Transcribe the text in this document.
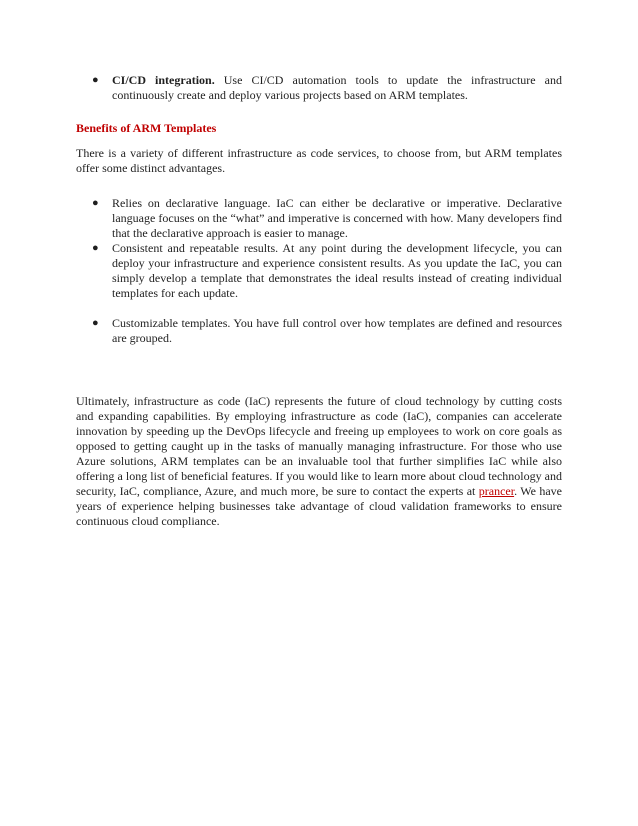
● CI/CD integration. Use CI/CD automation tools to update the infrastructure and continuously create and deploy various projects based on ARM templates.
Benefits of ARM Templates
There is a variety of different infrastructure as code services, to choose from, but ARM templates offer some distinct advantages.
● Relies on declarative language. IaC can either be declarative or imperative. Declarative language focuses on the “what” and imperative is concerned with how. Many developers find that the declarative approach is easier to manage.
● Consistent and repeatable results. At any point during the development lifecycle, you can deploy your infrastructure and experience consistent results. As you update the IaC, you can simply develop a template that demonstrates the ideal results instead of creating individual templates for each update.
● Customizable templates. You have full control over how templates are defined and resources are grouped.
Ultimately, infrastructure as code (IaC) represents the future of cloud technology by cutting costs and expanding capabilities. By employing infrastructure as code (IaC), companies can accelerate innovation by speeding up the DevOps lifecycle and freeing up employees to work on core goals as opposed to getting caught up in the tasks of manually managing infrastructure. For those who use Azure solutions, ARM templates can be an invaluable tool that further simplifies IaC while also offering a long list of beneficial features. If you would like to learn more about cloud technology and security, IaC, compliance, Azure, and much more, be sure to contact the experts at prancer. We have years of experience helping businesses take advantage of cloud validation frameworks to ensure continuous cloud compliance.
